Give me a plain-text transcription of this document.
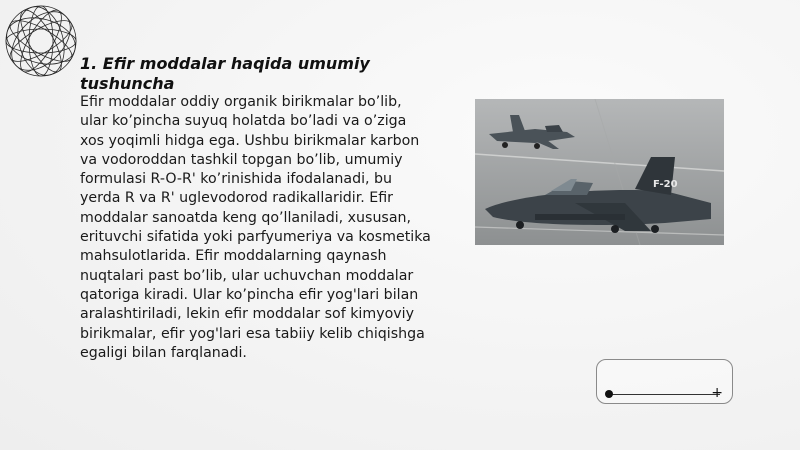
1. Efir moddalar haqida umumiy tushuncha

Efir moddalar oddiy organik birikmalar bo’lib, ular ko’pincha suyuq holatda bo’ladi va o’ziga xos yoqimli hidga ega. Ushbu birikmalar karbon va vodoroddan tashkil topgan bo’lib, umumiy formulasi R-O-R' ko’rinishida ifodalanadi, bu yerda R va R' uglevodorod radikallaridir. Efir moddalar sanoatda keng qo’llaniladi, xususan, erituvchi sifatida yoki parfyumeriya va kosmetika mahsulotlarida. Efir moddalarning qaynash nuqtalari past bo’lib, ular uchuvchan moddalar qatoriga kiradi. Ular ko’pincha efir yog'lari bilan aralashtiriladi, lekin efir moddalar sof kimyoviy birikmalar, efir yog'lari esa tabiiy kelib chiqishga egaligi bilan farqlanadi.

F-20
+
